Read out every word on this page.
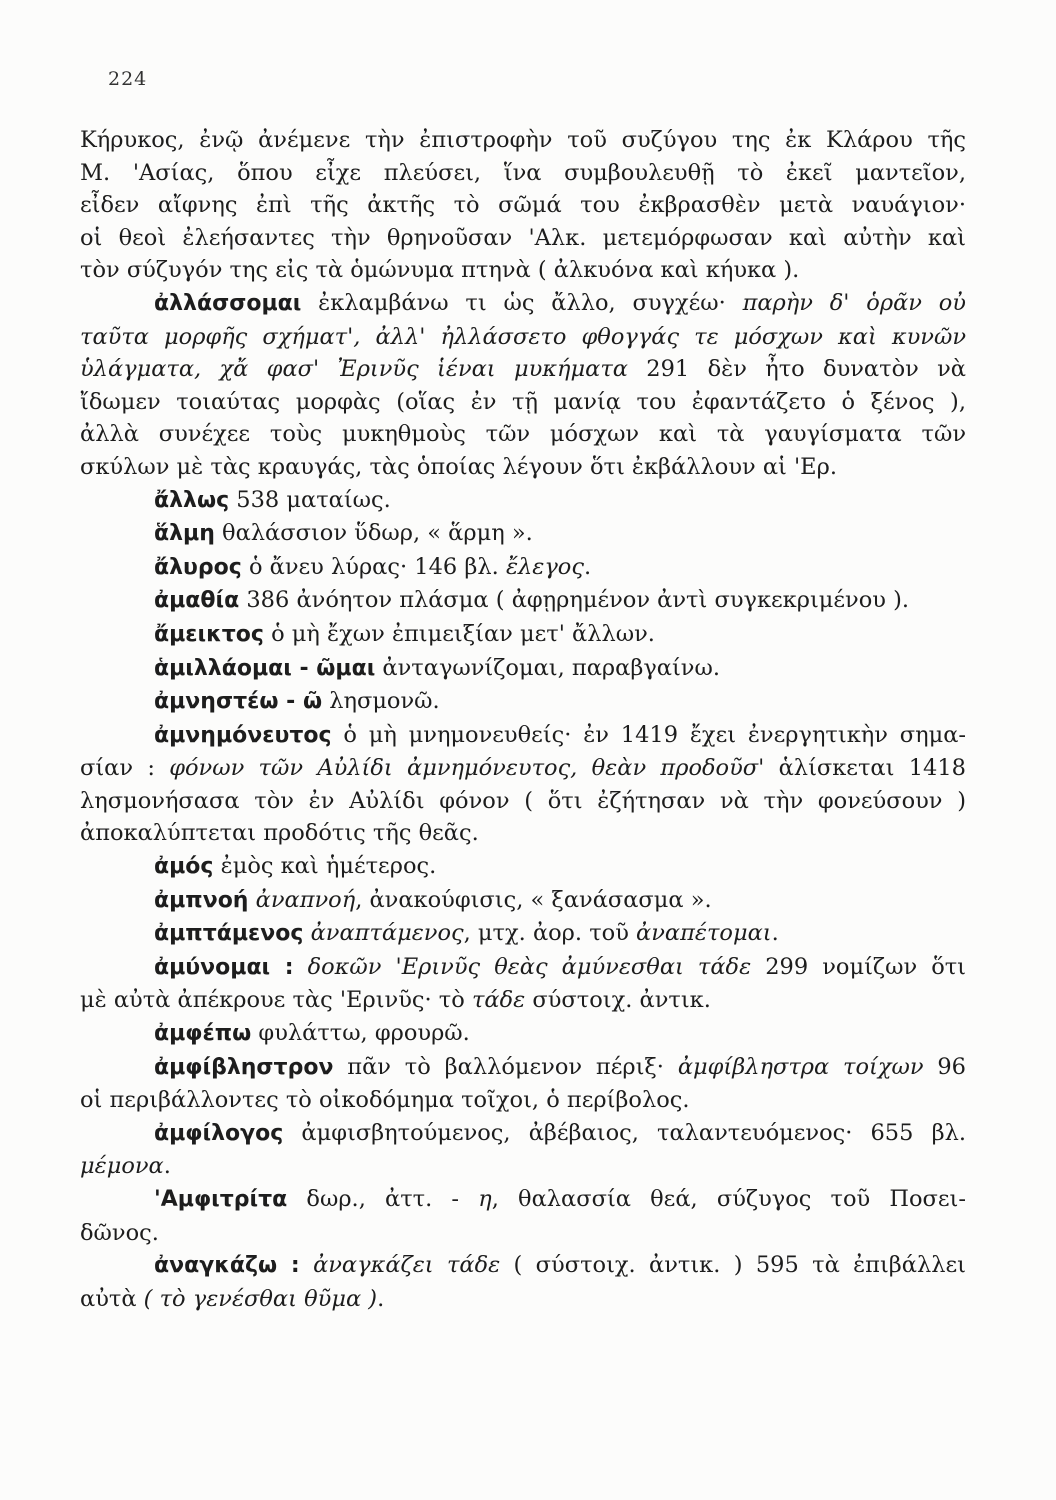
224
Κήρυκος, ἐνῷ ἀνέμενε τὴν ἐπιστροφὴν τοῦ συζύγου της ἐκ Κλάρου τῆς
Μ. 'Ασίας, ὅπου εἶχε πλεύσει, ἵνα συμβουλευθῇ τὸ ἐκεῖ μαντεῖον,
εἶδεν αἴφνης ἐπὶ τῆς ἀκτῆς τὸ σῶμά του ἐκβρασθὲν μετὰ ναυάγιον·
οἱ θεοὶ ἐλεήσαντες τὴν θρηνοῦσαν 'Αλκ. μετεμόρφωσαν καὶ αὐτὴν καὶ
τὸν σύζυγόν της εἰς τὰ ὁμώνυμα πτηνὰ ( ἀλκυόνα καὶ κήυκα ).
ἀλλάσσομαι ἐκλαμβάνω τι ὡς ἄλλο, συγχέω· παρὴν δ' ὁρᾶν οὐ
ταῦτα μορφῆς σχήματ', ἀλλ' ἠλλάσσετο φθογγάς τε μόσχων καὶ κυνῶν
ὑλάγματα, χἄ φασ' Ἐρινῦς ἱέναι μυκήματα 291 δὲν ἦτο δυνατὸν νὰ
ἴδωμεν τοιαύτας μορφὰς (οἵας ἐν τῇ μανίᾳ του ἐφαντάζετο ὁ ξένος ),
ἀλλὰ συνέχεε τοὺς μυκηθμοὺς τῶν μόσχων καὶ τὰ γαυγίσματα τῶν
σκύλων μὲ τὰς κραυγάς, τὰς ὁποίας λέγουν ὅτι ἐκβάλλουν αἱ 'Ερ.
ἄλλως 538 ματαίως.
ἅλμη θαλάσσιον ὕδωρ, « ἅρμη ».
ἄλυρος ὁ ἄνευ λύρας· 146 βλ. ἔλεγος.
ἀμαθία 386 ἀνόητον πλάσμα ( ἀφῃρημένον ἀντὶ συγκεκριμένου ).
ἄμεικτος ὁ μὴ ἔχων ἐπιμειξίαν μετ' ἄλλων.
ἁμιλλάομαι - ῶμαι ἀνταγωνίζομαι, παραβγαίνω.
ἀμνηστέω - ῶ λησμονῶ.
ἀμνημόνευτος ὁ μὴ μνημονευθείς· ἐν 1419 ἔχει ἐνεργητικὴν σημα-
σίαν : φόνων τῶν Αὐλίδι ἀμνημόνευτος, θεὰν προδοῦσ' ἁλίσκεται 1418
λησμονήσασα τὸν ἐν Αὐλίδι φόνον ( ὅτι ἐζήτησαν νὰ τὴν φονεύσουν )
ἀποκαλύπτεται προδότις τῆς θεᾶς.
ἀμός ἐμὸς καὶ ἡμέτερος.
ἀμπνοή ἀναπνοή, ἀνακούφισις, « ξανάσασμα ».
ἀμπτάμενος ἀναπτάμενος, μτχ. ἀορ. τοῦ ἀναπέτομαι.
ἀμύνομαι : δοκῶν 'Ερινῦς θεὰς ἀμύνεσθαι τάδε 299 νομίζων ὅτι
μὲ αὐτὰ ἀπέκρουε τὰς 'Ερινῦς· τὸ τάδε σύστοιχ. ἀντικ.
ἀμφέπω φυλάττω, φρουρῶ.
ἀμφίβληστρον πᾶν τὸ βαλλόμενον πέριξ· ἀμφίβληστρα τοίχων 96
οἱ περιβάλλοντες τὸ οἰκοδόμημα τοῖχοι, ὁ περίβολος.
ἀμφίλογος ἀμφισβητούμενος, ἀβέβαιος, ταλαντευόμενος· 655 βλ.
μέμονα.
'Αμφιτρίτα δωρ., ἀττ. - η, θαλασσία θεά, σύζυγος τοῦ Ποσει-
δῶνος.
ἀναγκάζω : ἀναγκάζει τάδε ( σύστοιχ. ἀντικ. ) 595 τὰ ἐπιβάλλει
αὐτὰ ( τὸ γενέσθαι θῦμα ).
